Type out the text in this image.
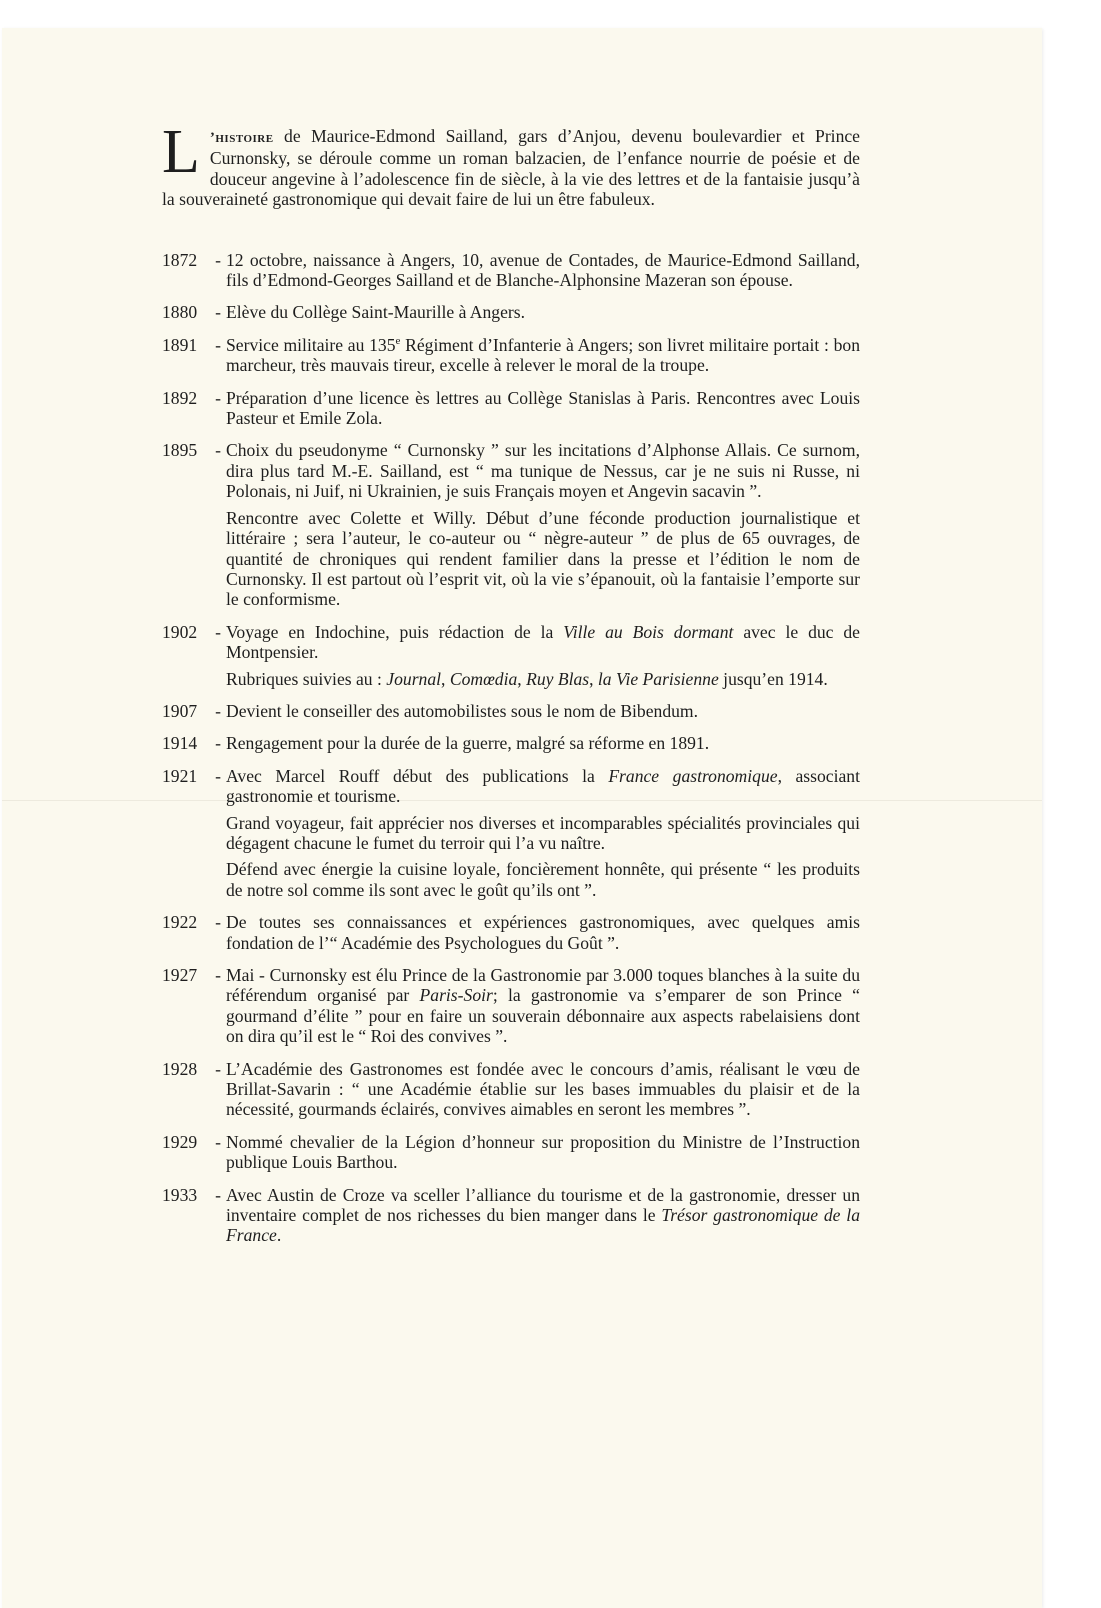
L ’histoire de Maurice-Edmond Sailland, gars d’Anjou, devenu boulevardier et Prince Curnonsky, se déroule comme un roman balzacien, de l’enfance nourrie de poésie et de douceur angevine à l’adolescence fin de siècle, à la vie des lettres et de la fantaisie jusqu’à la souveraineté gastronomique qui devait faire de lui un être fabuleux.

1872	- 12 octobre, naissance à Angers, 10, avenue de Contades, de Maurice-Edmond Sailland, fils d’Edmond-Georges Sailland et de Blanche-Alphonsine Mazeran son épouse.

1880	- Elève du Collège Saint-Maurille à Angers.

1891	- Service militaire au 135e Régiment d’Infanterie à Angers; son livret militaire portait : bon marcheur, très mauvais tireur, excelle à relever le moral de la troupe.

1892	- Préparation d’une licence ès lettres au Collège Stanislas à Paris. Rencontres avec Louis Pasteur et Emile Zola.

1895	- Choix du pseudonyme “ Curnonsky ” sur les incitations d’Alphonse Allais. Ce surnom, dira plus tard M.-E. Sailland, est “ ma tunique de Nessus, car je ne suis ni Russe, ni Polonais, ni Juif, ni Ukrainien, je suis Français moyen et Angevin sacavin ”.

Rencontre avec Colette et Willy. Début d’une féconde production journalistique et littéraire ; sera l’auteur, le co-auteur ou “ nègre-auteur ” de plus de 65 ouvrages, de quantité de chroniques qui rendent familier dans la presse et l’édition le nom de Curnonsky. Il est partout où l’esprit vit, où la vie s’épanouit, où la fantaisie l’emporte sur le conformisme.

1902	- Voyage en Indochine, puis rédaction de la Ville au Bois dormant avec le duc de Montpensier.

Rubriques suivies au : Journal, Comœdia, Ruy Blas, la Vie Parisienne jusqu’en 1914.

1907	- Devient le conseiller des automobilistes sous le nom de Bibendum.

1914	- Rengagement pour la durée de la guerre, malgré sa réforme en 1891.

1921	- Avec Marcel Rouff début des publications la France gastronomique, associant gastronomie et tourisme.

Grand voyageur, fait apprécier nos diverses et incomparables spécialités provinciales qui dégagent chacune le fumet du terroir qui l’a vu naître.

Défend avec énergie la cuisine loyale, foncièrement honnête, qui présente “ les produits de notre sol comme ils sont avec le goût qu’ils ont ”.

1922	- De toutes ses connaissances et expériences gastronomiques, avec quelques amis fondation de l’“ Académie des Psychologues du Goût ”.

1927	- Mai - Curnonsky est élu Prince de la Gastronomie par 3.000 toques blanches à la suite du référendum organisé par Paris-Soir; la gastronomie va s’emparer de son Prince “ gourmand d’élite ” pour en faire un souverain débonnaire aux aspects rabelaisiens dont on dira qu’il est le “ Roi des convives ”.

1928	- L’Académie des Gastronomes est fondée avec le concours d’amis, réalisant le vœu de Brillat-Savarin : “ une Académie établie sur les bases immuables du plaisir et de la nécessité, gourmands éclairés, convives aimables en seront les membres ”.

1929	- Nommé chevalier de la Légion d’honneur sur proposition du Ministre de l’Instruction publique Louis Barthou.

1933	- Avec Austin de Croze va sceller l’alliance du tourisme et de la gastronomie, dresser un inventaire complet de nos richesses du bien manger dans le Trésor gastronomique de la France.
